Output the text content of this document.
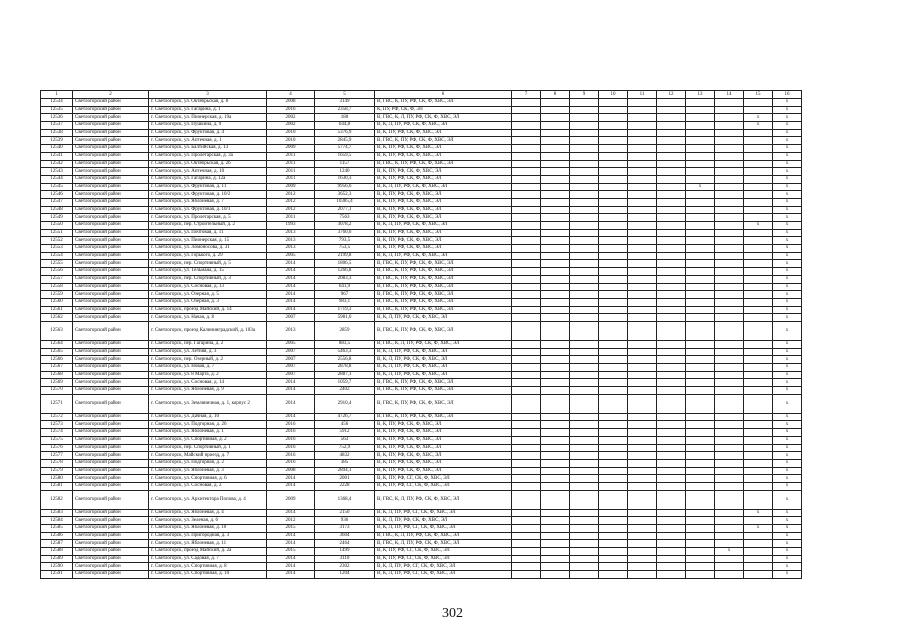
1	2	3	4	5	6	7	8	9	10	11	12	13	14	15	16
12534	Светлогорский район	г. Светлогорск, ул. Октябрьская, д. 8	2008	3149	В, ГВС, К, ПУ, РФ, СК, Ф, ХВС, ЭЛ										x
12535	Светлогорский район	г. Светлогорск, ул. Гагарина, д. 1	2016	2358,7	К, ПУ, РФ, СК, Ф, ЭЛ										x
12536	Светлогорский район	г. Светлогорск, ул. Пионерская, д. 19а	2002	180	В, ГВС, К, Л, ПУ, РФ, СК, Ф, ХВС, ЭЛ									x	x
12537	Светлогорский район	г. Светлогорск, ул. Пушкина, д. 9	2002	644,8	В, К, Л, ПУ, РФ, СК, Ф, ХВС, ЭЛ									x	x
12538	Светлогорский район	г. Светлогорск, ул. Фруктовая, д. 4	2010	5376,9	В, К, ПУ, РФ, СК, Ф, ХВС, ЭЛ										x
12539	Светлогорский район	г. Светлогорск, ул. Аптечная, д. 1	2010	2845,9	В, ГВС, К, ПУ, РФ, СК, Ф, ХВС, ЭЛ										x
12540	Светлогорский район	г. Светлогорск, ул. Балтийская, д. 13	2009	5774,7	В, К, ПУ, РФ, СК, Ф, ХВС, ЭЛ										x
12541	Светлогорский район	г. Светлогорск, ул. Пролетарская, д. 3а	2011	1659,5	В, К, ПУ, РФ, СК, Ф, ХВС, ЭЛ										x
12542	Светлогорский район	г. Светлогорск, ул. Октябрьская, д. 2б	2011	1157	В, ГВС, К, ПУ, РФ, СК, Ф, ХВС, ЭЛ										x
12543	Светлогорский район	г. Светлогорск, ул. Аптечная, д. 10	2011	1240	В, К, ПУ, РФ, СК, Ф, ХВС, ЭЛ										x
12544	Светлогорский район	г. Светлогорск, ул. Гагарина, д. 12а	2011	1630,3	В, К, ПУ, РФ, СК, Ф, ХВС, ЭЛ										x
12545	Светлогорский район	г. Светлогорск, ул. Фруктовая, д. 11	2009	9956,6	В, К, Л, ПУ, РФ, СК, Ф, ХВС, ЭЛ							x			x
12546	Светлогорский район	г. Светлогорск, ул. Фруктовая, д. 10/2	2012	3652,3	В, К, ПУ, РФ, СК, Ф, ХВС, ЭЛ										x
12547	Светлогорский район	г. Светлогорск, ул. Яблоневая, д. 7	2012	10385,4	В, К, ПУ, РФ, СК, Ф, ХВС, ЭЛ										x
12548	Светлогорский район	г. Светлогорск, ул. Фруктовая, д. 10/1	2012	2077,1	В, К, ПУ, РФ, СК, Ф, ХВС, ЭЛ										x
12549	Светлогорский район	г. Светлогорск, ул. Пролетарская, д. 5	2011	7563	В, К, ПУ, РФ, СК, Ф, ХВС, ЭЛ										x
12550	Светлогорский район	г. Светлогорск, пер. Строительный, д. 2	1993	3078,2	В, К, Л, ПУ, РФ, СК, Ф, ХВС, ЭЛ									x	x
12551	Светлогорский район	г. Светлогорск, ул. Почтовая, д. 11	2013	3760,6	В, К, ПУ, РФ, СК, Ф, ХВС, ЭЛ										x
12552	Светлогорский район	г. Светлогорск, ул. Пионерская, д. 15	2013	793,5	В, К, ПУ, РФ, СК, Ф, ХВС, ЭЛ										x
12553	Светлогорский район	г. Светлогорск, ул. Ломоносова, д. 31	2013	753,5	В, К, ПУ, РФ, СК, Ф, ХВС, ЭЛ										x
12554	Светлогорский район	г. Светлогорск, ул. Горького, д. 29	2005	2199,8	В, К, Л, ПУ, РФ, СК, Ф, ХВС, ЭЛ										x
12555	Светлогорский район	г. Светлогорск, пер. Спортивный, д. 5	2014	1806,5	В, ГВС, К, ПУ, РФ, СК, Ф, ХВС, ЭЛ										x
12556	Светлогорский район	г. Светлогорск, ул. Тельмана, д. 15	2014	1266,8	В, ГВС, К, ПУ, РФ, СК, Ф, ХВС, ЭЛ										x
12557	Светлогорский район	г. Светлогорск, пер. Спортивный, д. 3	2014	2083,3	В, ГВС, К, ПУ, РФ, СК, Ф, ХВС, ЭЛ										x
12558	Светлогорский район	г. Светлогорск, ул. Сосновая, д. 13	2014	641,9	В, ГВС, К, ПУ, РФ, СК, Ф, ХВС, ЭЛ										x
12559	Светлогорский район	г. Светлогорск, ул. Озерная, д. 5	2014	967	В, ГВС, К, ПУ, РФ, СК, Ф, ХВС, ЭЛ										x
12560	Светлогорский район	г. Светлогорск, ул. Озерная, д. 3	2014	983,1	В, ГВС, К, ПУ, РФ, СК, Ф, ХВС, ЭЛ										x
12561	Светлогорский район	г. Светлогорск, проезд Майский, д. 14	2014	1719,3	В, ГВС, К, ПУ, РФ, СК, Ф, ХВС, ЭЛ										x
12562	Светлогорский район	г. Светлогорск, ул. Начая, д. 8	2007	5981,6	В, К, Л, ПУ, РФ, СК, Ф, ХВС, ЭЛ										x
12563	Светлогорский район	г. Светлогорск, проезд Калининградский, д. 103а	2013	2859	В, ГВС, К, ПУ, РФ, СК, Ф, ХВС, ЭЛ										x
12564	Светлогорский район	г. Светлогорск, пер. Гагарина, д. 2	2005	883,5	В, ГВС, К, Л, ПУ, РФ, СК, Ф, ХВС, ЭЛ										x
12565	Светлогорский район	г. Светлогорск, ул. Летняя, д. 3	2007	5463,3	В, К, Л, ПУ, РФ, СК, Ф, ХВС, ЭЛ										x
12566	Светлогорский район	г. Светлогорск, пер. Озерный, д. 2	2007	2556,8	В, К, Л, ПУ, РФ, СК, Ф, ХВС, ЭЛ										x
12567	Светлогорский район	г. Светлогорск, ул. Новая, д. 7	2007	2878,8	В, К, Л, ПУ, РФ, СК, Ф, ХВС, ЭЛ										x
12568	Светлогорский район	г. Светлогорск, ул. 8 Марта, д. 2	2007	2887,1	В, К, Л, ПУ, РФ, СК, Ф, ХВС, ЭЛ										x
12569	Светлогорский район	г. Светлогорск, ул. Сосновая, д. 14	2014	1059,7	В, ГВС, К, ПУ, РФ, СК, Ф, ХВС, ЭЛ										x
12570	Светлогорский район	г. Светлогорск, ул. Яблоневая, д. 9	2014	2402	В, ГВС, К, ПУ, РФ, СК, Ф, ХВС, ЭЛ										x
12571	Светлогорский район	г. Светлогорск, ул. Земляничная, д. 1, корпус 2	2014	2910,4	В, ГВС, К, ПУ, РФ, СК, Ф, ХВС, ЭЛ										x
12572	Светлогорский район	г. Светлогорск, ул. Дачная, д. 10	2014	4726,7	В, ГВС, К, ПУ, РФ, СК, Ф, ХВС, ЭЛ										x
12573	Светлогорский район	г. Светлогорск, ул. Подгорная, д. 26	2016	456	В, К, ПУ, РФ, СК, Ф, ХВС, ЭЛ										x
12574	Светлогорский район	г. Светлогорск, ул. Яблоневая, д. 1	2016	5912	В, К, ПУ, РФ, СК, Ф, ХВС, ЭЛ										x
12575	Светлогорский район	г. Светлогорск, ул. Спортивная, д. 2	2016	563	В, К, ПУ, РФ, СК, Ф, ХВС, ЭЛ										x
12576	Светлогорский район	г. Светлогорск, пер. Спортивный, д. 1	2016	752,9	В, К, ПУ, РФ, СК, Ф, ХВС, ЭЛ										x
12577	Светлогорский район	г. Светлогорск, Майский проезд, д. 7	2016	4832	В, К, ПУ, РФ, СК, Ф, ХВС, ЭЛ										x
12578	Светлогорский район	г. Светлогорск, ул. Подгорная, д. 2	2016	385	В, К, ПУ, РФ, СК, Ф, ХВС, ЭЛ										x
12579	Светлогорский район	г. Светлогорск, ул. Яблоневая, д. 3	2008	2894,1	В, К, ПУ, РФ, СК, Ф, ХВС, ЭЛ										x
12580	Светлогорский район	г. Светлогорск, ул. Спортивная, д. 6	2014	2001	В, К, ПУ, РФ, СГ, СК, Ф, ХВС, ЭЛ										x
12581	Светлогорский район	г. Светлогорск, ул. Сосновая, д. 2	2014	2228	В, К, ПУ, РФ, СГ, СК, Ф, ХВС, ЭЛ										x
12582	Светлогорский район	г. Светлогорск, ул. Архитектора Попова, д. 4	2009	1368,4	В, ГВС, К, Л, ПУ, РФ, СК, Ф, ХВС, ЭЛ										x
12583	Светлогорский район	г. Светлогорск, ул. Яблоневая, д. 4	2014	2150	В, К, Л, ПУ, РФ, СГ, СК, Ф, ХВС, ЭЛ									x	x
12584	Светлогорский район	г. Светлогорск, ул. Зеленая, д. 6	2012	936	В, К, Л, ПУ, РФ, СК, Ф, ХВС, ЭЛ										x
12585	Светлогорский район	г. Светлогорск, ул. Яблоневая, д. 10	2015	3173	В, К, Л, ПУ, РФ, СГ, СК, Ф, ХВС, ЭЛ									x	x
12586	Светлогорский район	г. Светлогорск, ул. Пригородная, д. 3	2014	3604	В, ГВС, К, Л, ПУ, РФ, СК, Ф, ХВС, ЭЛ										x
12587	Светлогорский район	г. Светлогорск, ул. Яблоневая, д. 11	2014	2464	В, ГВС, К, Л, ПУ, РФ, СК, Ф, ХВС, ЭЛ										x
12588	Светлогорский район	г. Светлогорск, проезд Майский, д. 2а	2015	1499	В, К, ПУ, РФ, СГ, СК, Ф, ХВС, ЭЛ								x		x
12589	Светлогорский район	г. Светлогорск, ул. Садовая, д. 7	2014	3110	В, К, ПУ, РФ, СГ, СК, Ф, ХВС, ЭЛ										x
12590	Светлогорский район	г. Светлогорск, ул. Спортивная, д. 8	2014	2302	В, К, Л, ПУ, РФ, СГ, СК, Ф, ХВС, ЭЛ										x
12591	Светлогорский район	г. Светлогорск, ул. Спортивная, д. 10	2014	1204	В, К, Л, ПУ, РФ, СГ, СК, Ф, ХВС, ЭЛ										x
302
